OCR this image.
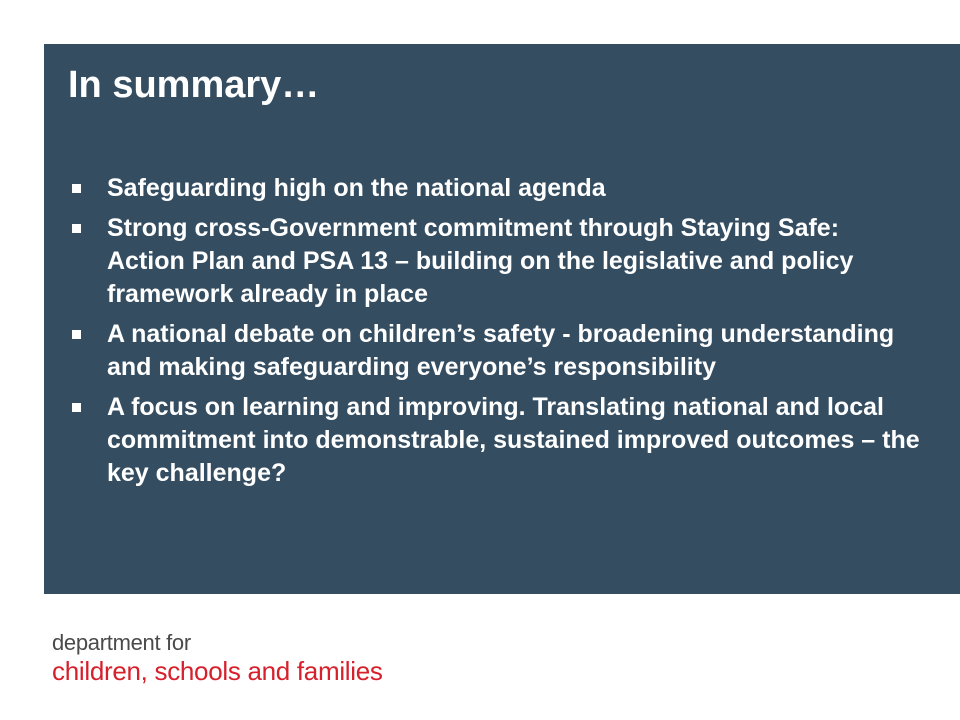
In summary…
Safeguarding high on the national agenda
Strong cross-Government commitment through Staying Safe: Action Plan and PSA 13 – building on the legislative and policy framework already in place
A national debate on children’s safety - broadening understanding and making safeguarding everyone’s responsibility
A focus on learning and improving. Translating national and local commitment into demonstrable, sustained improved outcomes – the key challenge?
department for
children, schools and families
